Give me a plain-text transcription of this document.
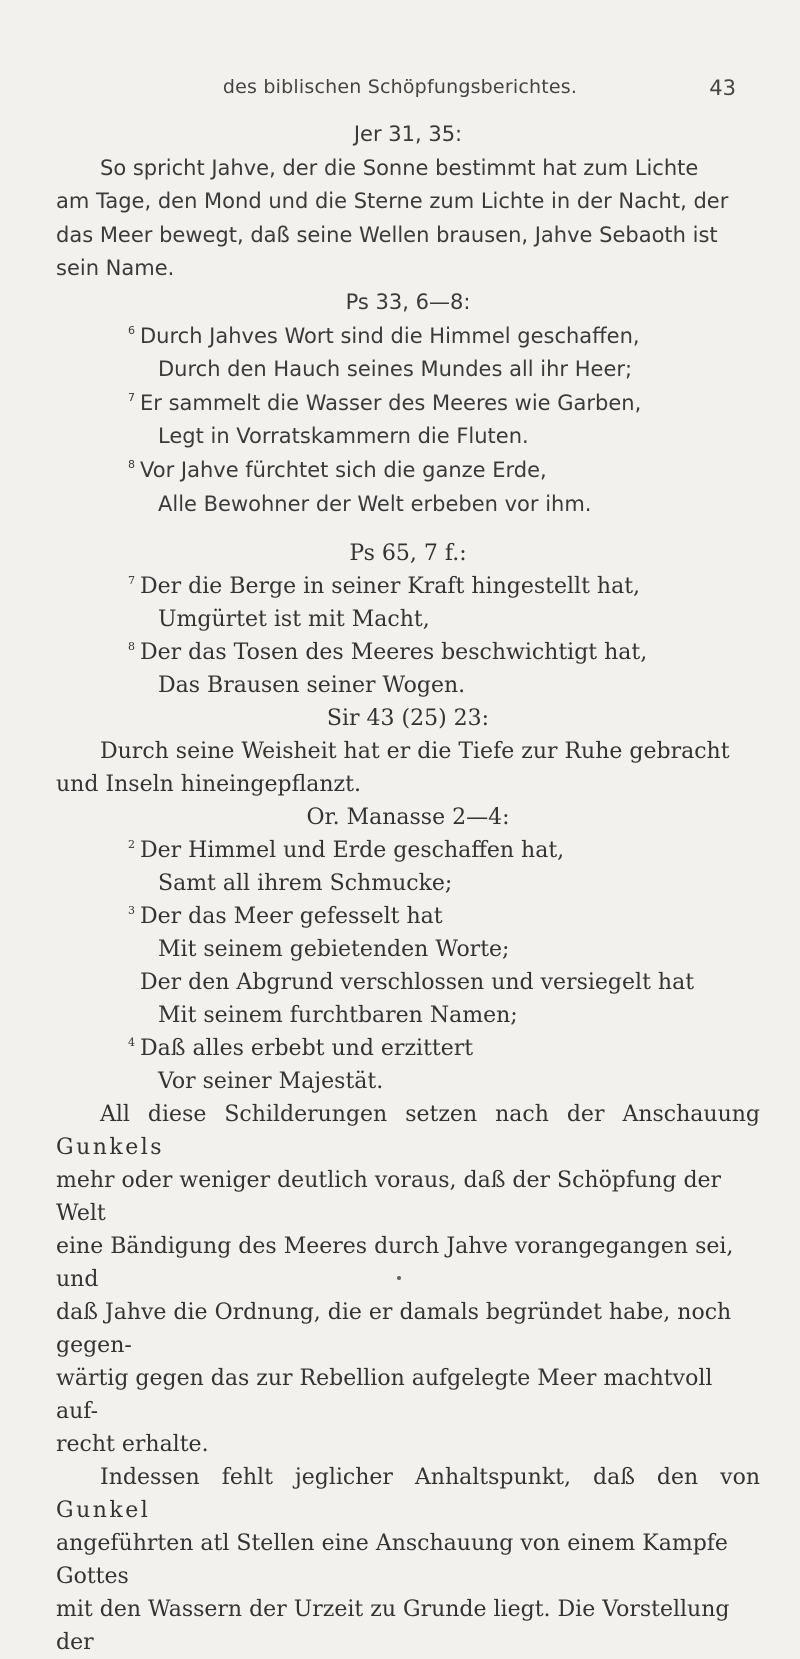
des biblischen Schöpfungsberichtes.	43

Jer 31, 35:

So spricht Jahve, der die Sonne bestimmt hat zum Lichte

am Tage, den Mond und die Sterne zum Lichte in der Nacht, der

das Meer bewegt, daß seine Wellen brausen, Jahve Sebaoth ist

sein Name.

Ps 33, 6—8:

6 Durch Jahves Wort sind die Himmel geschaffen,

Durch den Hauch seines Mundes all ihr Heer;

7 Er sammelt die Wasser des Meeres wie Garben,

Legt in Vorratskammern die Fluten.

8 Vor Jahve fürchtet sich die ganze Erde,

Alle Bewohner der Welt erbeben vor ihm.

Ps 65, 7 f.:

7 Der die Berge in seiner Kraft hingestellt hat,

Umgürtet ist mit Macht,

8 Der das Tosen des Meeres beschwichtigt hat,

Das Brausen seiner Wogen.

Sir 43 (25) 23:

Durch seine Weisheit hat er die Tiefe zur Ruhe gebracht

und Inseln hineingepflanzt.

Or. Manasse 2—4:

2 Der Himmel und Erde geschaffen hat,

Samt all ihrem Schmucke;

3 Der das Meer gefesselt hat

Mit seinem gebietenden Worte;

Der den Abgrund verschlossen und versiegelt hat

Mit seinem furchtbaren Namen;

4 Daß alles erbebt und erzittert

Vor seiner Majestät.

All diese Schilderungen setzen nach der Anschauung Gunkels

mehr oder weniger deutlich voraus, daß der Schöpfung der Welt

eine Bändigung des Meeres durch Jahve vorangegangen sei, und

daß Jahve die Ordnung, die er damals begründet habe, noch gegen-

wärtig gegen das zur Rebellion aufgelegte Meer machtvoll auf-

recht erhalte.

Indessen fehlt jeglicher Anhaltspunkt, daß den von Gunkel

angeführten atl Stellen eine Anschauung von einem Kampfe Gottes

mit den Wassern der Urzeit zu Grunde liegt. Die Vorstellung der
